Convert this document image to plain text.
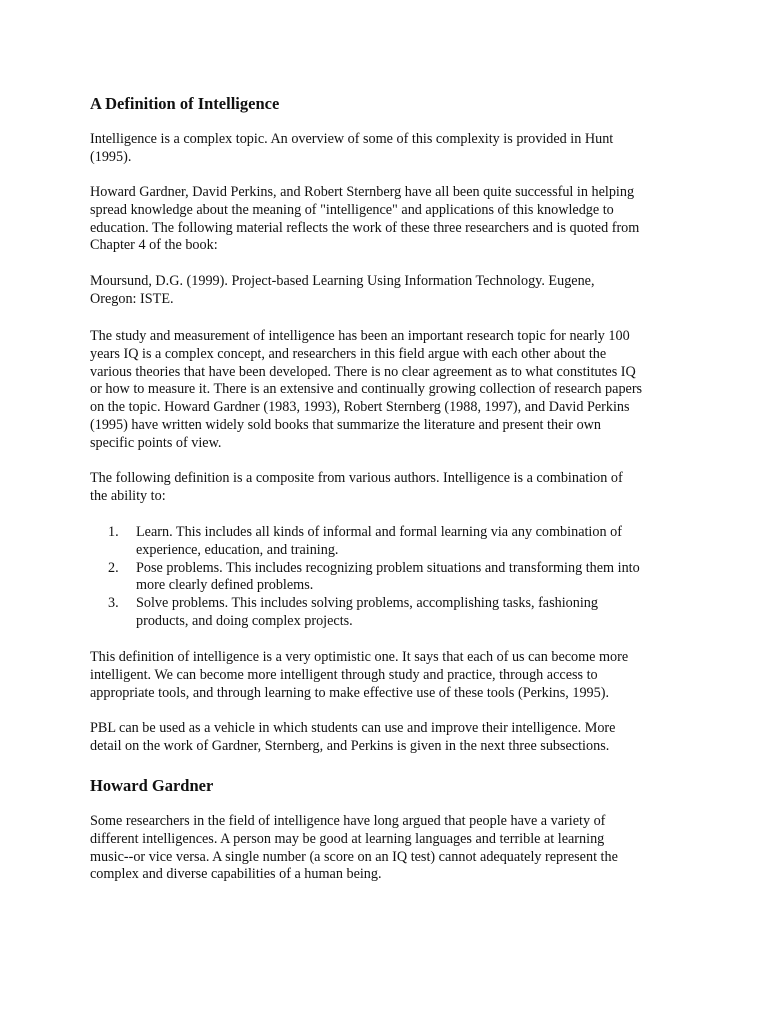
A Definition of Intelligence

Intelligence is a complex topic. An overview of some of this complexity is provided in Hunt
(1995).

Howard Gardner, David Perkins, and Robert Sternberg have all been quite successful in helping
spread knowledge about the meaning of "intelligence" and applications of this knowledge to
education. The following material reflects the work of these three researchers and is quoted from
Chapter 4 of the book:

Moursund, D.G. (1999). Project-based Learning Using Information Technology. Eugene,
Oregon: ISTE.

The study and measurement of intelligence has been an important research topic for nearly 100
years IQ is a complex concept, and researchers in this field argue with each other about the
various theories that have been developed. There is no clear agreement as to what constitutes IQ
or how to measure it. There is an extensive and continually growing collection of research papers
on the topic. Howard Gardner (1983, 1993), Robert Sternberg (1988, 1997), and David Perkins
(1995) have written widely sold books that summarize the literature and present their own
specific points of view.

The following definition is a composite from various authors. Intelligence is a combination of
the ability to:

1. Learn. This includes all kinds of informal and formal learning via any combination of
experience, education, and training.
2. Pose problems. This includes recognizing problem situations and transforming them into
more clearly defined problems.
3. Solve problems. This includes solving problems, accomplishing tasks, fashioning
products, and doing complex projects.

This definition of intelligence is a very optimistic one. It says that each of us can become more
intelligent. We can become more intelligent through study and practice, through access to
appropriate tools, and through learning to make effective use of these tools (Perkins, 1995).

PBL can be used as a vehicle in which students can use and improve their intelligence. More
detail on the work of Gardner, Sternberg, and Perkins is given in the next three subsections.

Howard Gardner

Some researchers in the field of intelligence have long argued that people have a variety of
different intelligences. A person may be good at learning languages and terrible at learning
music--or vice versa. A single number (a score on an IQ test) cannot adequately represent the
complex and diverse capabilities of a human being.
